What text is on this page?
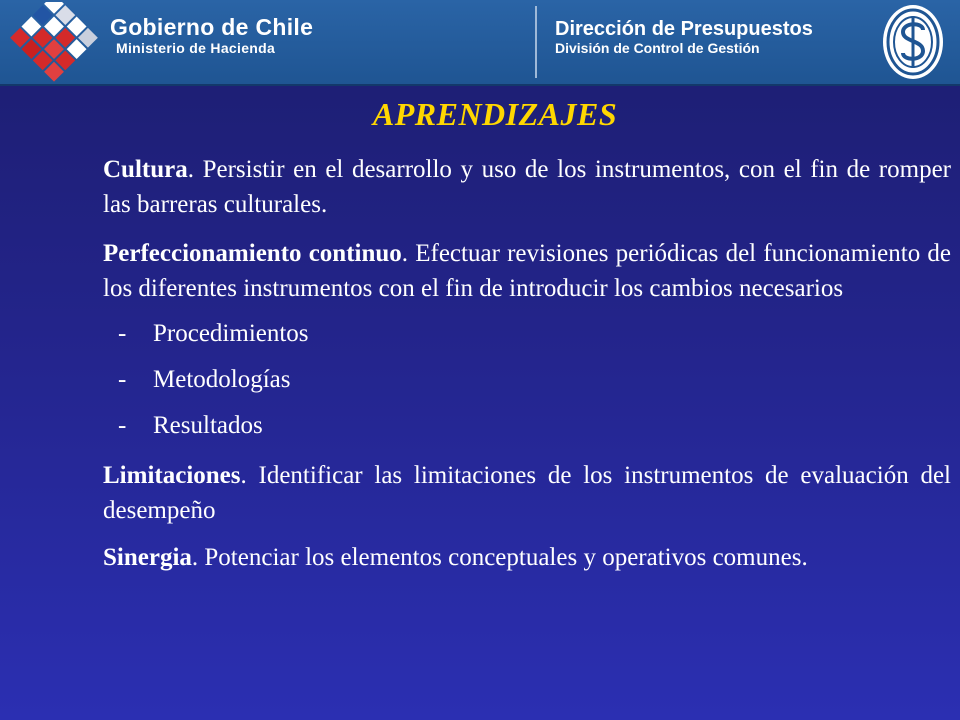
Gobierno de Chile
Ministerio de Hacienda
Dirección de Presupuestos
División de Control de Gestión
APRENDIZAJES

Cultura. Persistir en el desarrollo y uso de los instrumentos, con el fin de romper las barreras culturales.

Perfeccionamiento continuo. Efectuar revisiones periódicas del funcionamiento de los diferentes instrumentos con el fin de introducir los cambios necesarios

-	Procedimientos
-	Metodologías
-	Resultados

Limitaciones. Identificar las limitaciones de los instrumentos de evaluación del desempeño

Sinergia. Potenciar los elementos conceptuales y operativos comunes.
